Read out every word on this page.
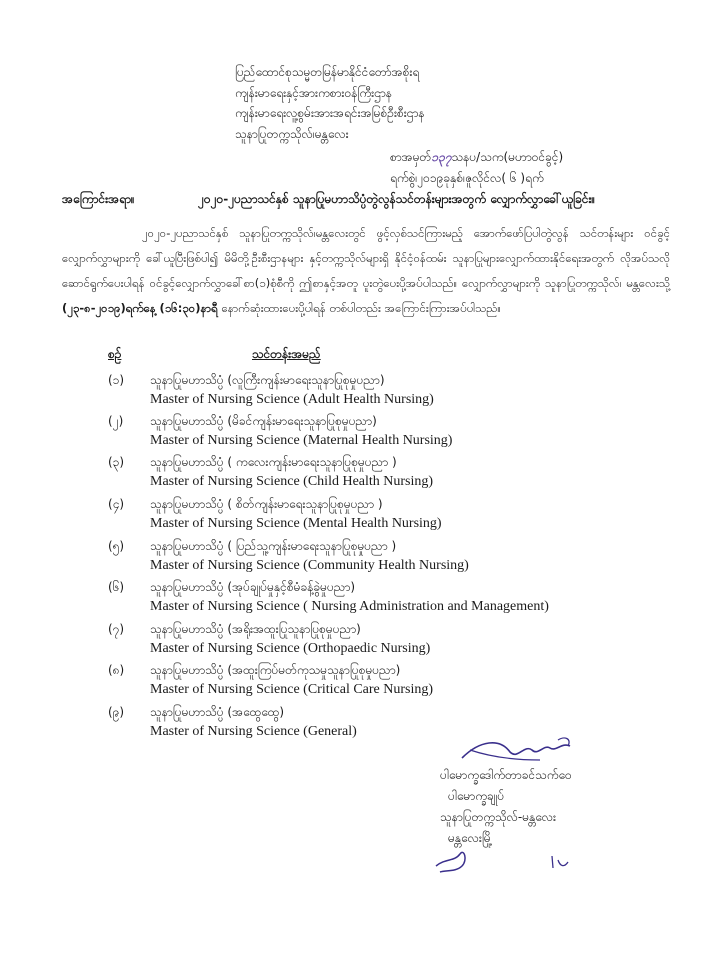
ပြည်ထောင်စုသမ္မတမြန်မာနိုင်ငံတော်အစိုးရ
ကျန်းမာရေးနှင့်အားကစားဝန်ကြီးဌာန
ကျန်းမာရေးလူ့စွမ်းအားအရင်းအမြစ်ဦးစီးဌာန
သူနာပြုတက္ကသိုလ်၊မန္တလေး
စာအမှတ်၁၃၇သနပ/သက(မဟာဝင်ခွင့်)
ရက်စွဲ၊၂၀၁၉ခုနှစ်၊ဇူလိုင်လ( ၆ )ရက်
အကြောင်းအရာ။	၂၀၂၀-၂ပညာသင်နှစ် သူနာပြုမဟာသိပ္ပံတွဲလွန်သင်တန်းများအတွက် လျှောက်လွှာခေါ်ယူခြင်း။
၂၀၂၀-၂ပညာသင်နှစ် သူနာပြုတက္ကသိုလ်၊မန္တလေးတွင် ဖွင့်လှစ်သင်ကြားမည့် အောက်ဖော်ပြပါတွဲလွန် သင်တန်းများ ဝင်ခွင့်လျှောက်လွှာများကို ခေါ်ယူပြီးဖြစ်ပါ၍ မိမိတို့ဦးစီးဌာနများ နှင့်တက္ကသိုလ်များရှိ နိုင်ငံ့ဝန်ထမ်း သူနာပြုများလျှောက်ထားနိုင်ရေးအတွက် လိုအပ်သလို ဆောင်ရွက်ပေးပါရန် ဝင်ခွင့်လျှောက်လွှာခေါ်စာ(၁)စုံစီကို ဤစာနှင့်အတူ ပူးတွဲပေးပို့အပ်ပါသည်။ လျှောက်လွှာများကို သူနာပြုတက္ကသိုလ်၊ မန္တလေးသို့ (၂၃-၈-၂၀၁၉)ရက်နေ့ (၁၆:၃၀)နာရီ နောက်ဆုံးထားပေးပို့ပါရန် တစ်ပါတည်း အကြောင်းကြားအပ်ပါသည်။
စဉ်	သင်တန်းအမည်
(၁) သူနာပြုမဟာသိပ္ပံ (လူကြီးကျန်းမာရေးသူနာပြုစုမှုပညာ)
Master of Nursing Science (Adult Health Nursing)
(၂) သူနာပြုမဟာသိပ္ပံ (မိခင်ကျန်းမာရေးသူနာပြုစုမှုပညာ)
Master of Nursing Science (Maternal Health Nursing)
(၃) သူနာပြုမဟာသိပ္ပံ ( ကလေးကျန်းမာရေးသူနာပြုစုမှုပညာ )
Master of Nursing Science (Child Health Nursing)
(၄) သူနာပြုမဟာသိပ္ပံ ( စိတ်ကျန်းမာရေးသူနာပြုစုမှုပညာ )
Master of Nursing Science (Mental Health Nursing)
(၅) သူနာပြုမဟာသိပ္ပံ ( ပြည်သူ့ကျန်းမာရေးသူနာပြုစုမှုပညာ )
Master of Nursing Science (Community Health Nursing)
(၆) သူနာပြုမဟာသိပ္ပံ (အုပ်ချုပ်မှုနှင့်စီမံခန့်ခွဲမှုပညာ)
Master of Nursing Science ( Nursing Administration and Management)
(၇) သူနာပြုမဟာသိပ္ပံ (အရိုးအထူးပြုသူနာပြုစုမှုပညာ)
Master of Nursing Science (Orthopaedic Nursing)
(၈) သူနာပြုမဟာသိပ္ပံ (အထူးကြပ်မတ်ကုသမှုသူနာပြုစုမှုပညာ)
Master of Nursing Science (Critical Care Nursing)
(၉) သူနာပြုမဟာသိပ္ပံ (အထွေထွေ)
Master of Nursing Science (General)
ပါမောက္ခဒေါက်တာခင်သက်ဝေ
ပါမောက္ခချုပ်
သူနာပြုတက္ကသိုလ်-မန္တလေး
မန္တလေးမြို့
